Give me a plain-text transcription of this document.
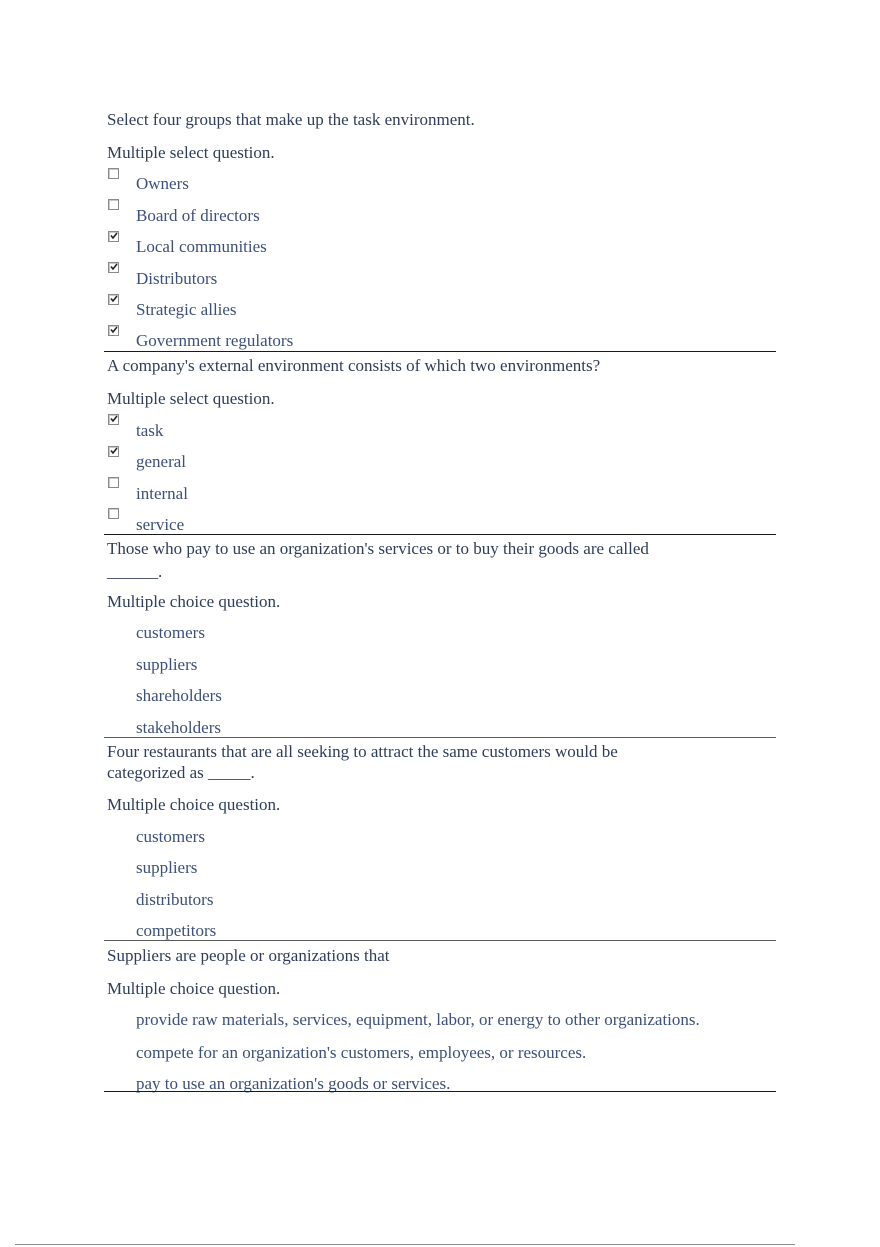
Select four groups that make up the task environment.
Multiple select question.
Owners
Board of directors
Local communities
Distributors
Strategic allies
Government regulators
A company's external environment consists of which two environments?
Multiple select question.
task
general
internal
service
Those who pay to use an organization's services or to buy their goods are called
______.
Multiple choice question.
customers
suppliers
shareholders
stakeholders
Four restaurants that are all seeking to attract the same customers would be
categorized as _____.
Multiple choice question.
customers
suppliers
distributors
competitors
Suppliers are people or organizations that
Multiple choice question.
provide raw materials, services, equipment, labor, or energy to other organizations.
compete for an organization's customers, employees, or resources.
pay to use an organization's goods or services.
